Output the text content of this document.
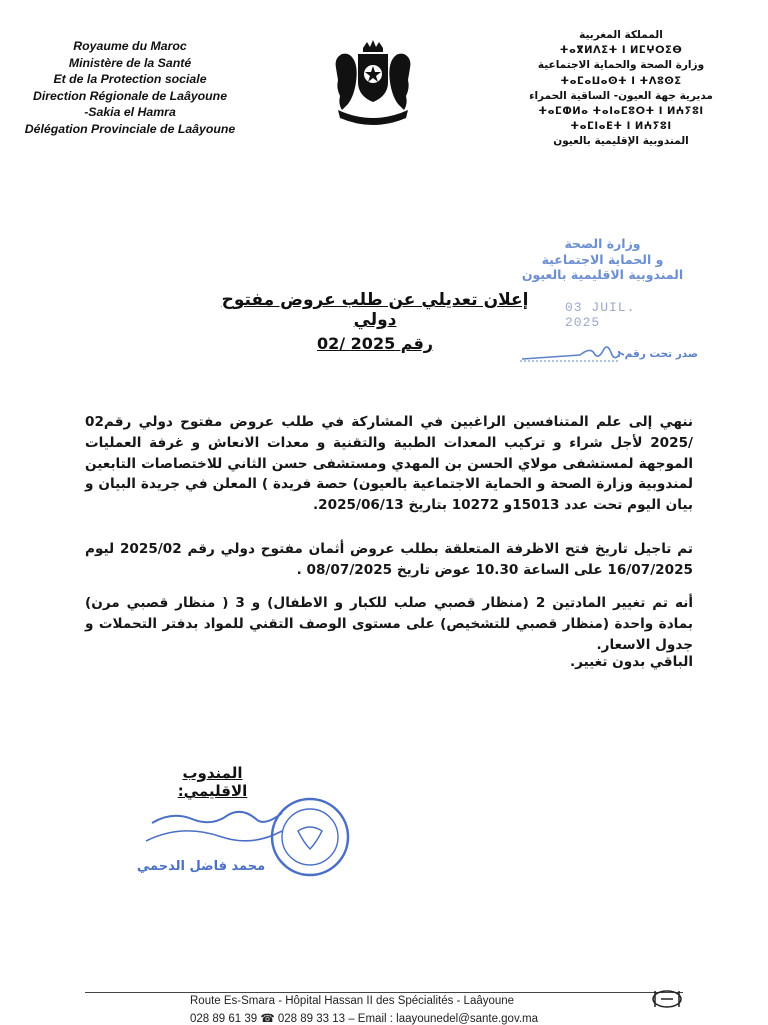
Royaume du Maroc
Ministère de la Santé
Et de la Protection sociale
Direction Régionale de Laâyoune
-Sakia el Hamra
Délégation Provinciale de Laâyoune
المملكة المغربية
ⵜⴰⴳⵍⴷⵉⵜ ⵏ ⵍⵎⵖⵔⵉⴱ
وزارة الصحة والحماية الاجتماعية
ⵜⴰⵎⴰⵡⴰⵙⵜ ⵏ ⵜⴷⵓⵙⵉ
مديرية جهة العيون- الساقية الحمراء
ⵜⴰⵎⵀⵍⴰ ⵜⴰⵏⴰⵎⵓⵔⵜ ⵏ ⵍⵄⵢⵓⵏ
ⵜⴰⵎⵏⴰⴹⵜ ⵏ ⵍⵄⵢⵓⵏ
المندوبية الإقليمية بالعيون
وزارة الصحة
و الحماية الاجتماعية
المندوبية الاقليمية بالعيون
03 JUIL. 2025
إعلان تعديلي عن طلب عروض مفتوح دولي
رقم 2025 /02
صدر تحت رقم :
ننهي إلى علم المتنافسين الراغبين في المشاركة في طلب عروض مفتوح دولي رقم02 /2025 لأجل شراء و تركيب المعدات الطبية والتقنية و معدات الانعاش و غرفة العمليات الموجهة لمستشفى مولاي الحسن بن المهدي ومستشفى حسن الثاني للاختصاصات التابعين لمندوبية وزارة الصحة و الحماية الاجتماعية بالعيون) حصة فريدة ) المعلن في جريدة البيان و بيان اليوم تحت عدد 15013و 10272 بتاريخ 2025/06/13.
تم تاجيل تاريخ فتح الاظرفة المتعلقة بطلب عروض أثمان مفتوح دولي رقم 2025/02 ليوم 16/07/2025 على الساعة 10.30 عوض تاريخ 08/07/2025 .
أنه تم تغيير المادتين 2 (منظار قصبي صلب للكبار و الاطفال) و 3 ( منظار قصبي مرن) بمادة واحدة (منظار قصبي للتشخيص) على مستوى الوصف التقني للمواد بدفتر التحملات و جدول الاسعار.
الباقي بدون تغيير.
المندوب الاقليمي:
محمد فاضل الدحمي
Route Es-Smara - Hôpital Hassan II des Spécialités - Laâyoune
028 89 61 39 ☎ 028 89 33 13 – Email : laayounedel@sante.gov.ma
